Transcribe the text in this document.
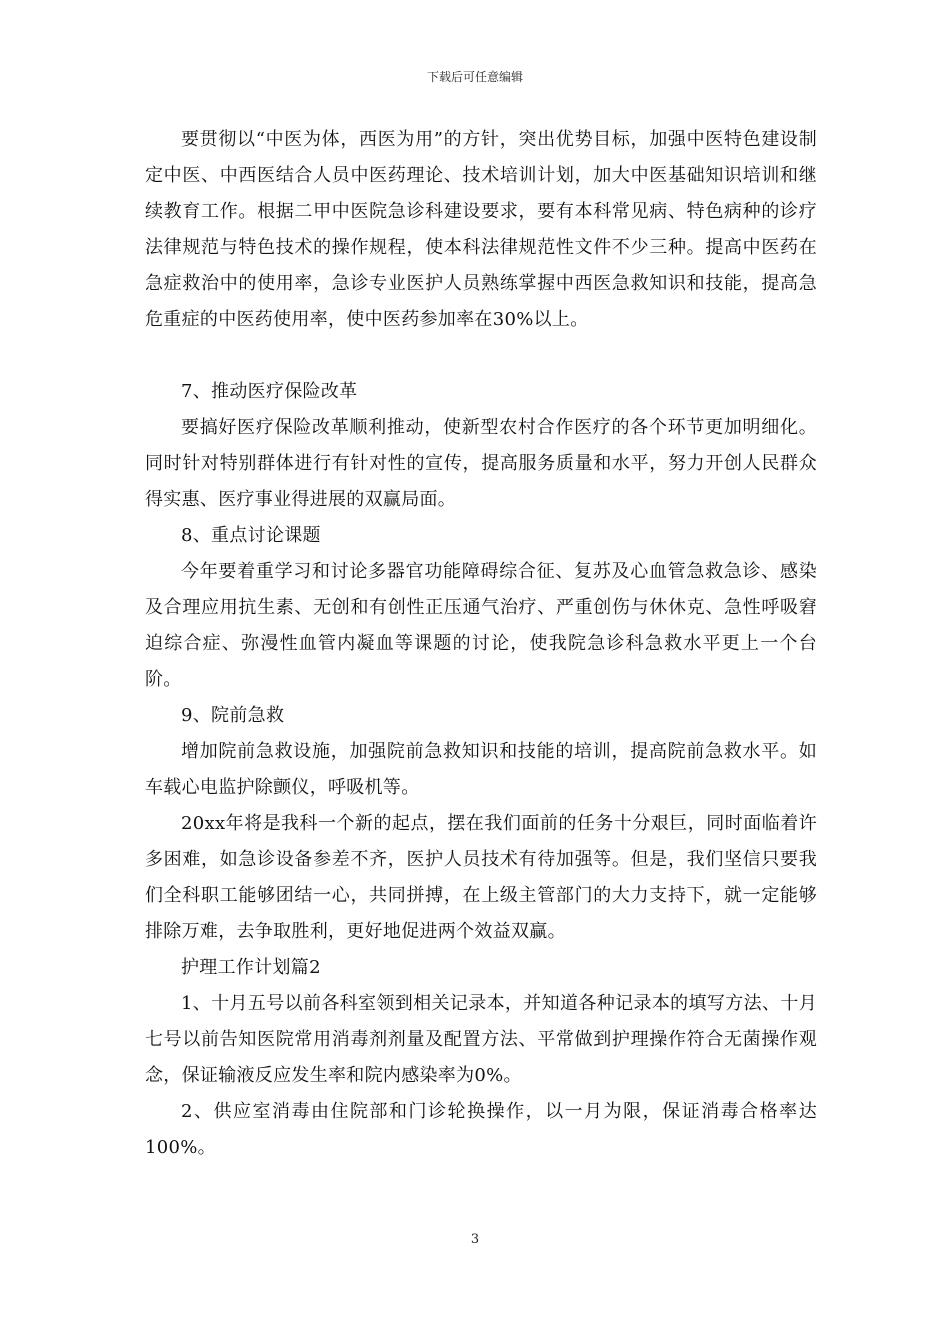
下载后可任意编辑

要贯彻以“中医为体，西医为用”的方针，突出优势目标，加强中医特色建设制定中医、中西医结合人员中医药理论、技术培训计划，加大中医基础知识培训和继续教育工作。根据二甲中医院急诊科建设要求，要有本科常见病、特色病种的诊疗法律规范与特色技术的操作规程，使本科法律规范性文件不少三种。提高中医药在急症救治中的使用率，急诊专业医护人员熟练掌握中西医急救知识和技能，提高急危重症的中医药使用率，使中医药参加率在30%以上。

7、推动医疗保险改革

要搞好医疗保险改革顺利推动，使新型农村合作医疗的各个环节更加明细化。同时针对特别群体进行有针对性的宣传，提高服务质量和水平，努力开创人民群众得实惠、医疗事业得进展的双赢局面。

8、重点讨论课题

今年要着重学习和讨论多器官功能障碍综合征、复苏及心血管急救急诊、感染及合理应用抗生素、无创和有创性正压通气治疗、严重创伤与休休克、急性呼吸窘迫综合症、弥漫性血管内凝血等课题的讨论，使我院急诊科急救水平更上一个台阶。

9、院前急救

增加院前急救设施，加强院前急救知识和技能的培训，提高院前急救水平。如车载心电监护除颤仪，呼吸机等。

20xx年将是我科一个新的起点，摆在我们面前的任务十分艰巨，同时面临着许多困难，如急诊设备参差不齐，医护人员技术有待加强等。但是，我们坚信只要我们全科职工能够团结一心，共同拼搏，在上级主管部门的大力支持下，就一定能够排除万难，去争取胜利，更好地促进两个效益双赢。

护理工作计划篇2

1、十月五号以前各科室领到相关记录本，并知道各种记录本的填写方法、十月七号以前告知医院常用消毒剂剂量及配置方法、平常做到护理操作符合无菌操作观念，保证输液反应发生率和院内感染率为0%。

2、供应室消毒由住院部和门诊轮换操作，以一月为限，保证消毒合格率达100%。

3
